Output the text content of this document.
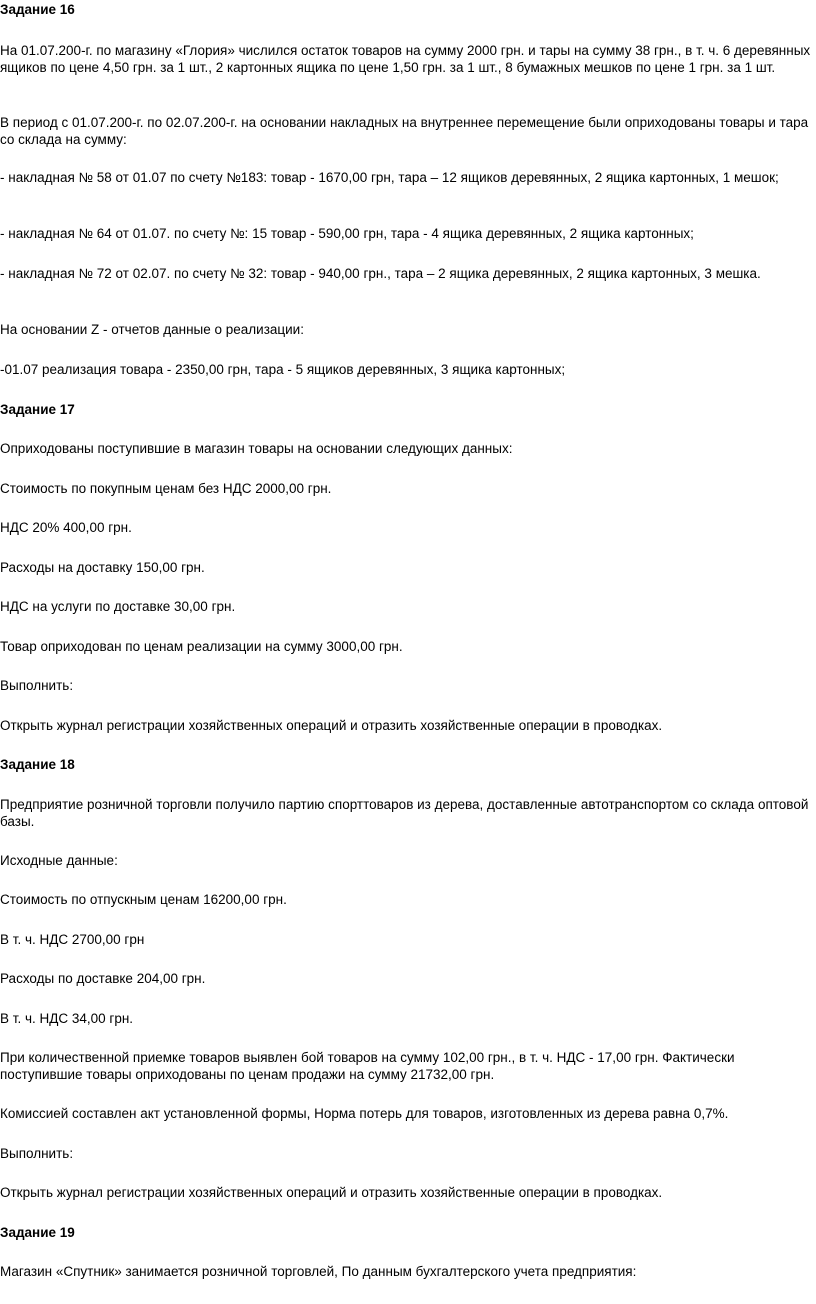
Задание 16

На 01.07.200-г. по магазину «Глория» числился остаток товаров на сумму 2000 грн. и тары на сумму 38 грн., в т. ч. 6 деревянных ящиков по цене 4,50 грн. за 1 шт., 2 картонных ящика по цене 1,50 грн. за 1 шт., 8 бумажных мешков по цене 1 грн. за 1 шт.

В период с 01.07.200-г. по 02.07.200-г. на основании накладных на внутреннее перемещение были оприходованы товары и тара со склада на сумму:

- накладная № 58 от 01.07 по счету №183: товар - 1670,00 грн, тара – 12 ящиков деревянных, 2 ящика картонных, 1 мешок;

- накладная № 64 от 01.07. по счету №: 15 товар - 590,00 грн, тара - 4 ящика деревянных, 2 ящика картонных;

- накладная № 72 от 02.07. по счету № 32: товар - 940,00 грн., тара – 2 ящика деревянных, 2 ящика картонных, 3 мешка.

На основании Z - отчетов данные о реализации:

-01.07 реализация товара - 2350,00 грн, тара - 5 ящиков деревянных, 3 ящика картонных;

Задание 17

Оприходованы поступившие в магазин товары на основании следующих данных:

Стоимость по покупным ценам без НДС 2000,00 грн.

НДС 20% 400,00 грн.

Расходы на доставку 150,00 грн.

НДС на услуги по доставке 30,00 грн.

Товар оприходован по ценам реализации на сумму 3000,00 грн.

Выполнить:

Открыть журнал регистрации хозяйственных операций и отразить хозяйственные операции в проводках.

Задание 18

Предприятие розничной торговли получило партию спорттоваров из дерева, доставленные автотранспортом со склада оптовой базы.

Исходные данные:

Стоимость по отпускным ценам 16200,00 грн.

В т. ч. НДС 2700,00 грн

Расходы по доставке 204,00 грн.

В т. ч. НДС 34,00 грн.

При количественной приемке товаров выявлен бой товаров на сумму 102,00 грн., в т. ч. НДС - 17,00 грн. Фактически поступившие товары оприходованы по ценам продажи на сумму 21732,00 грн.

Комиссией составлен акт установленной формы, Норма потерь для товаров, изготовленных из дерева равна 0,7%.

Выполнить:

Открыть журнал регистрации хозяйственных операций и отразить хозяйственные операции в проводках.

Задание 19

Магазин «Спутник» занимается розничной торговлей, По данным бухгалтерского учета предприятия:
